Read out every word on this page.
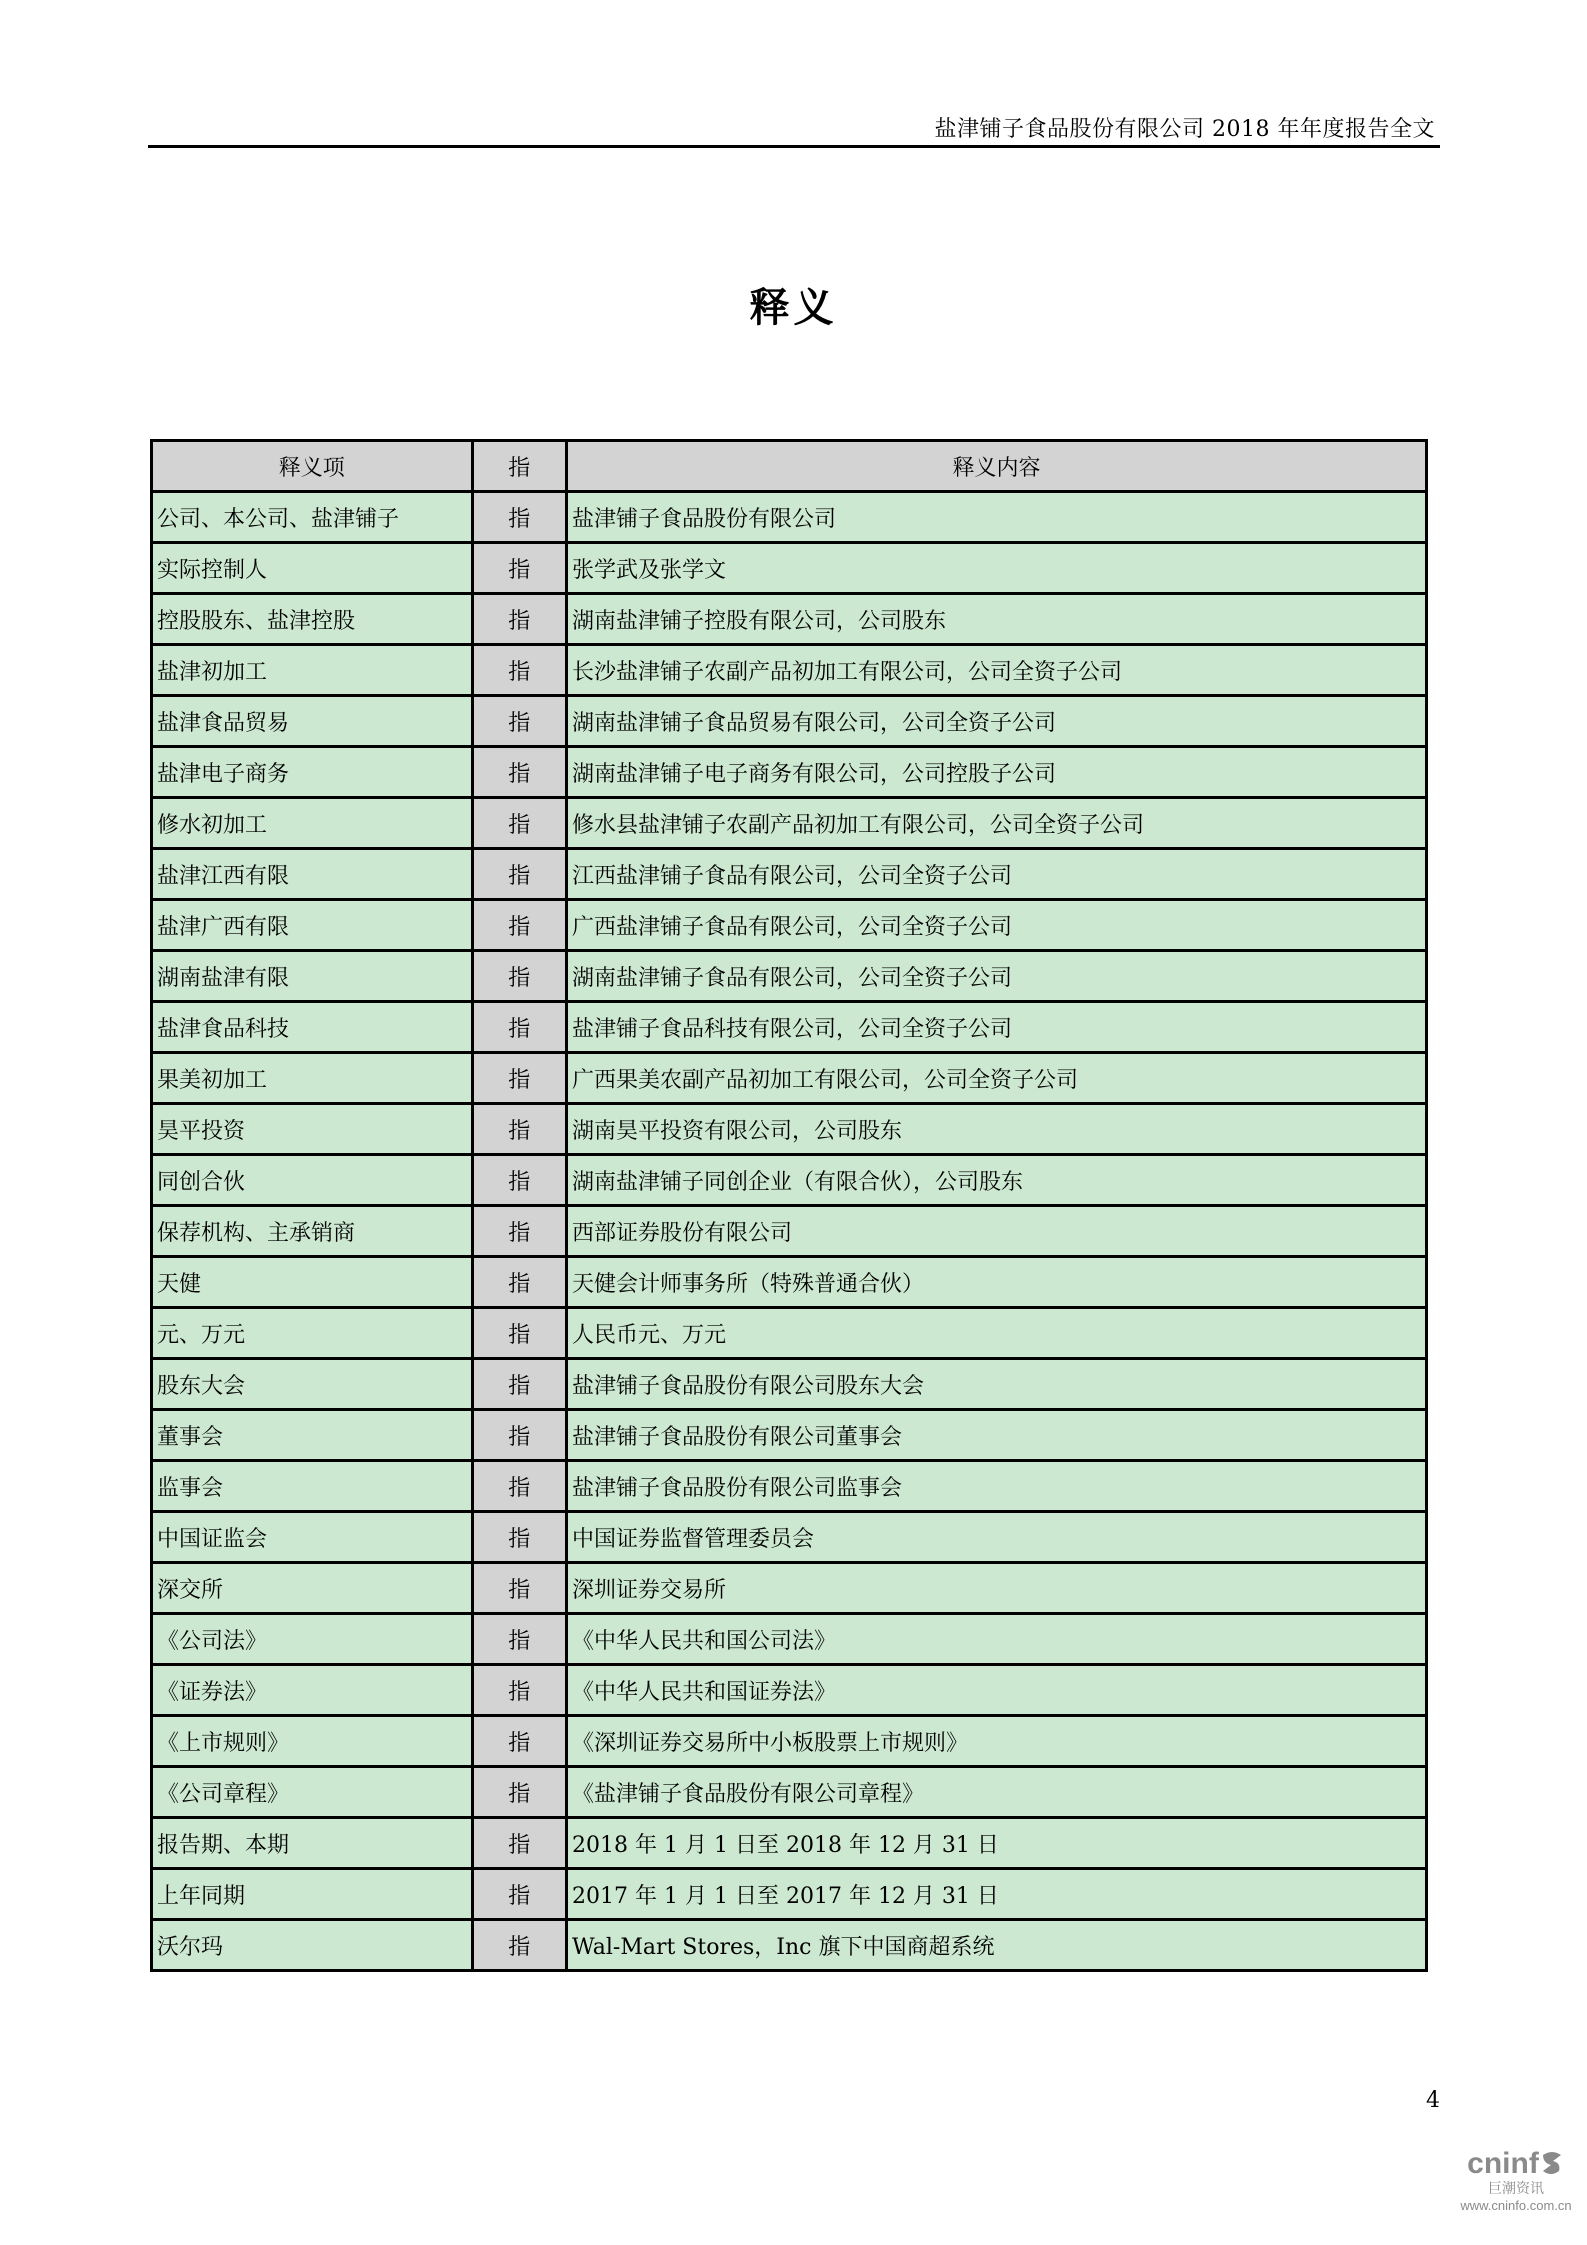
盐津铺子食品股份有限公司 2018 年年度报告全文
释义
释义项	指	释义内容
公司、本公司、盐津铺子	指	盐津铺子食品股份有限公司
实际控制人	指	张学武及张学文
控股股东、盐津控股	指	湖南盐津铺子控股有限公司，公司股东
盐津初加工	指	长沙盐津铺子农副产品初加工有限公司，公司全资子公司
盐津食品贸易	指	湖南盐津铺子食品贸易有限公司，公司全资子公司
盐津电子商务	指	湖南盐津铺子电子商务有限公司，公司控股子公司
修水初加工	指	修水县盐津铺子农副产品初加工有限公司，公司全资子公司
盐津江西有限	指	江西盐津铺子食品有限公司，公司全资子公司
盐津广西有限	指	广西盐津铺子食品有限公司，公司全资子公司
湖南盐津有限	指	湖南盐津铺子食品有限公司，公司全资子公司
盐津食品科技	指	盐津铺子食品科技有限公司，公司全资子公司
果美初加工	指	广西果美农副产品初加工有限公司，公司全资子公司
昊平投资	指	湖南昊平投资有限公司，公司股东
同创合伙	指	湖南盐津铺子同创企业（有限合伙），公司股东
保荐机构、主承销商	指	西部证券股份有限公司
天健	指	天健会计师事务所（特殊普通合伙）
元、万元	指	人民币元、万元
股东大会	指	盐津铺子食品股份有限公司股东大会
董事会	指	盐津铺子食品股份有限公司董事会
监事会	指	盐津铺子食品股份有限公司监事会
中国证监会	指	中国证券监督管理委员会
深交所	指	深圳证券交易所
《公司法》	指	《中华人民共和国公司法》
《证券法》	指	《中华人民共和国证券法》
《上市规则》	指	《深圳证券交易所中小板股票上市规则》
《公司章程》	指	《盐津铺子食品股份有限公司章程》
报告期、本期	指	2018 年 1 月 1 日至 2018 年 12 月 31 日
上年同期	指	2017 年 1 月 1 日至 2017 年 12 月 31 日
沃尔玛	指	Wal-Mart Stores，Inc 旗下中国商超系统
4
cninf
巨潮资讯
www.cninfo.com.cn
